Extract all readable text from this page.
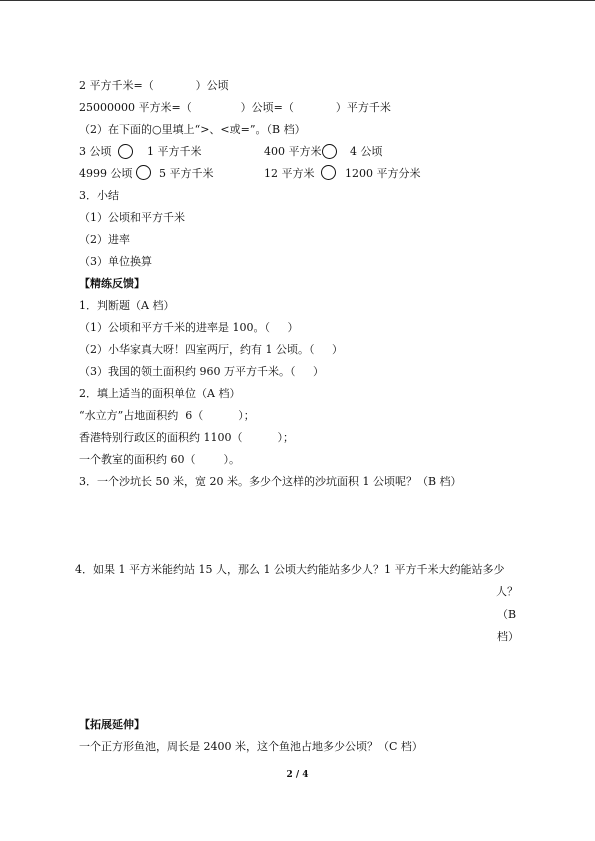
2 平方千米=（            ）公顷
25000000 平方米=（              ）公顷=（            ）平方千米
（2）在下面的○里填上“>、<或=”。（B 档）
3 公顷	1 平方千米	400 平方米	4 公顷
4999 公顷 5 平方千米	12 平方米	1200 平方分米
3．小结
（1）公顷和平方千米
（2）进率
（3）单位换算
【精练反馈】
1．判断题（A 档）
（1）公顷和平方千米的进率是 100。（     ）
（2）小华家真大呀！四室两厅，约有 1 公顷。（     ）
（3）我国的领土面积约 960 万平方千米。（     ）
2．填上适当的面积单位（A 档）
“水立方”占地面积约  6（          ）；
香港特别行政区的面积约 1100（          ）；
一个教室的面积约 60（        ）。
3．一个沙坑长 50 米，宽 20 米。多少个这样的沙坑面积 1 公顷呢？（B 档）
4．如果 1 平方米能约站 15 人，那么 1 公顷大约能站多少人？1 平方千米大约能站多少
人？
（B
档）
【拓展延伸】
一个正方形鱼池，周长是 2400 米，这个鱼池占地多少公顷？（C 档）
2 / 4
